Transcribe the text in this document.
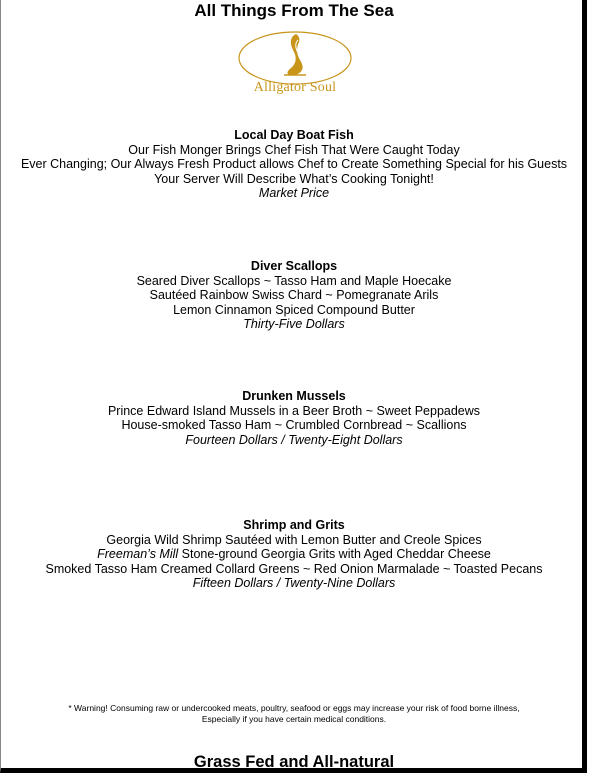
All Things From The Sea
Alligator Soul
Local Day Boat Fish
Our Fish Monger Brings Chef Fish That Were Caught Today
Ever Changing; Our Always Fresh Product allows Chef to Create Something Special for his Guests
Your Server Will Describe What’s Cooking Tonight!
Market Price
Diver Scallops
Seared Diver Scallops ~ Tasso Ham and Maple Hoecake
Sautéed Rainbow Swiss Chard ~ Pomegranate Arils
Lemon Cinnamon Spiced Compound Butter
Thirty-Five Dollars
Drunken Mussels
Prince Edward Island Mussels in a Beer Broth ~ Sweet Peppadews
House-smoked Tasso Ham ~ Crumbled Cornbread ~ Scallions
Fourteen Dollars / Twenty-Eight Dollars
Shrimp and Grits
Georgia Wild Shrimp Sautéed with Lemon Butter and Creole Spices
Freeman’s Mill Stone-ground Georgia Grits with Aged Cheddar Cheese
Smoked Tasso Ham Creamed Collard Greens ~ Red Onion Marmalade ~ Toasted Pecans
Fifteen Dollars / Twenty-Nine Dollars
* Warning! Consuming raw or undercooked meats, poultry, seafood or eggs may increase your risk of food borne illness,
Especially if you have certain medical conditions.
Grass Fed and All-natural
